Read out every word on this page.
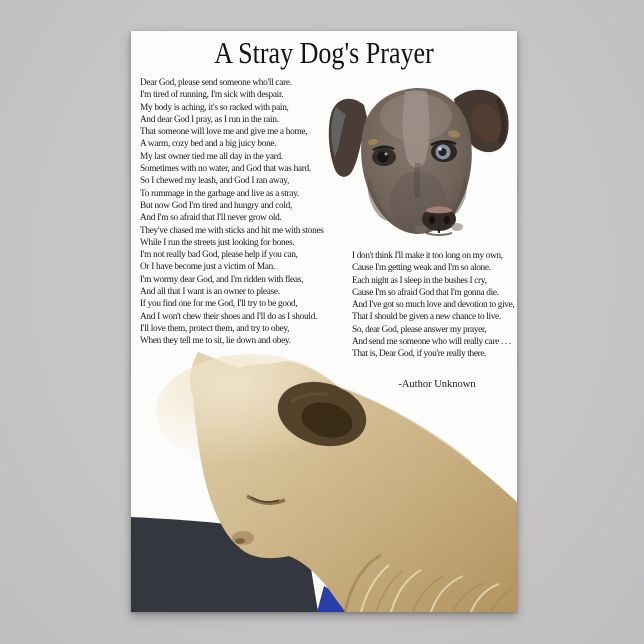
A Stray Dog's Prayer
Dear God, please send someone who'll care.
I'm tired of running, I'm sick with despair.
My body is aching, it's so racked with pain,
And dear God I pray, as I run in the rain.
That someone will love me and give me a home,
A warm, cozy bed and a big juicy bone.
My last owner tied me all day in the yard.
Sometimes with no water, and God that was hard.
So I chewed my leash, and God I ran away,
To rummage in the garbage and live as a stray.
But now God I'm tired and hungry and cold,
And I'm so afraid that I'll never grow old.
They've chased me with sticks and hit me with stones
While I run the streets just looking for bones.
I'm not really bad God, please help if you can,
Or I have become just a victim of Man.
I'm wormy dear God, and I'm ridden with fleas,
And all that I want is an owner to please.
If you find one for me God, I'll try to be good,
And I won't chew their shoes and I'll do as I should.
I'll love them, protect them, and try to obey,
When they tell me to sit, lie down and obey.
I don't think I'll make it too long on my own,
Cause I'm getting weak and I'm so alone.
Each night as I sleep in the bushes I cry,
Cause I'm so afraid God that I'm gonna die.
And I've got so much love and devotion to give,
That I should be given a new chance to live.
So, dear God, please answer my prayer,
And send me someone who will really care . . .
That is, Dear God, if you're really there.
-Author Unknown
